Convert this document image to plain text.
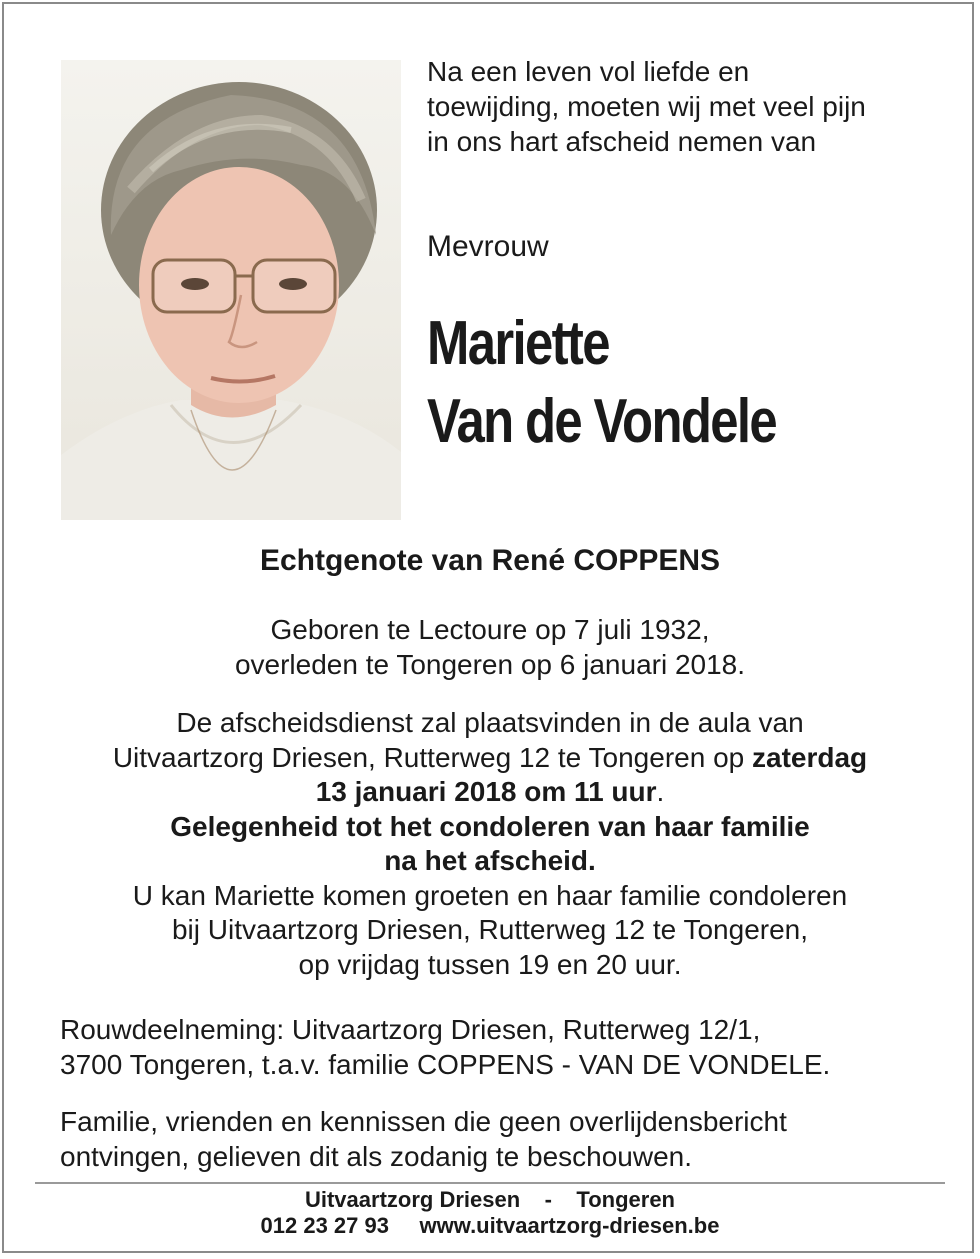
Na een leven vol liefde en
toewijding, moeten wij met veel pijn
in ons hart afscheid nemen van
Mevrouw
Mariette
Van de Vondele
Echtgenote van René COPPENS
Geboren te Lectoure op 7 juli 1932,
overleden te Tongeren op 6 januari 2018.
De afscheidsdienst zal plaatsvinden in de aula van
Uitvaartzorg Driesen, Rutterweg 12 te Tongeren op zaterdag
13 januari 2018 om 11 uur.
Gelegenheid tot het condoleren van haar familie
na het afscheid.
U kan Mariette komen groeten en haar familie condoleren
bij Uitvaartzorg Driesen, Rutterweg 12 te Tongeren,
op vrijdag tussen 19 en 20 uur.
Rouwdeelneming: Uitvaartzorg Driesen, Rutterweg 12/1,
3700 Tongeren, t.a.v. familie COPPENS - VAN DE VONDELE.
Familie, vrienden en kennissen die geen overlijdensbericht
ontvingen, gelieven dit als zodanig te beschouwen.
Uitvaartzorg Driesen - Tongeren
012 23 27 93 www.uitvaartzorg-driesen.be
